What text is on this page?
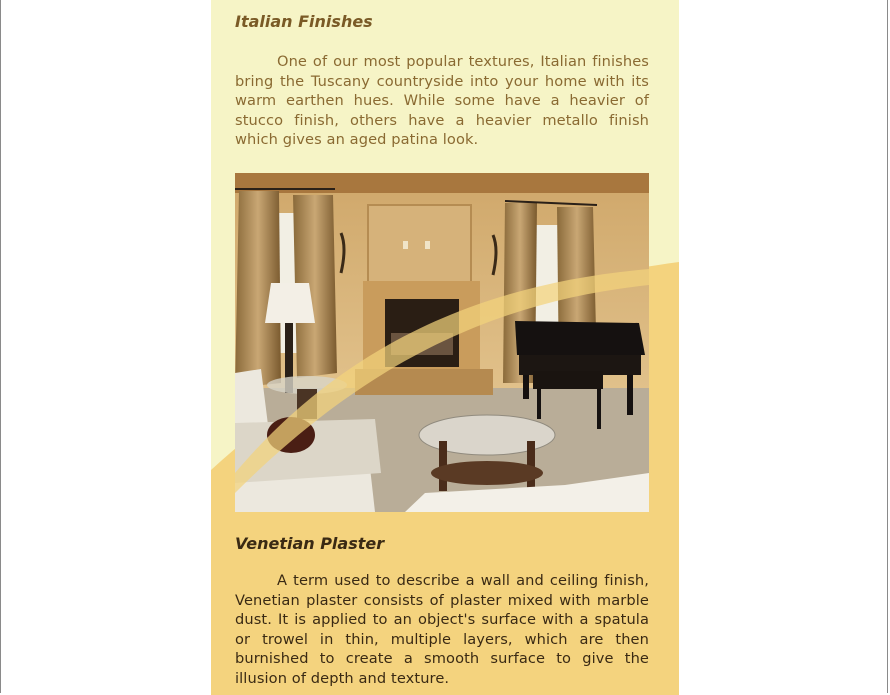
Italian Finishes

One of our most popular textures, Italian finishes bring the Tuscany countryside into your home with its warm earthen hues. While some have a heavier of stucco finish, others have a heavier metallo finish which gives an aged patina look.

Venetian Plaster

A term used to describe a wall and ceiling finish, Venetian plaster consists of plaster mixed with marble dust. It is applied to an object's surface with a spatula or trowel in thin, multiple layers, which are then burnished to create a smooth surface to give the illusion of depth and texture.
